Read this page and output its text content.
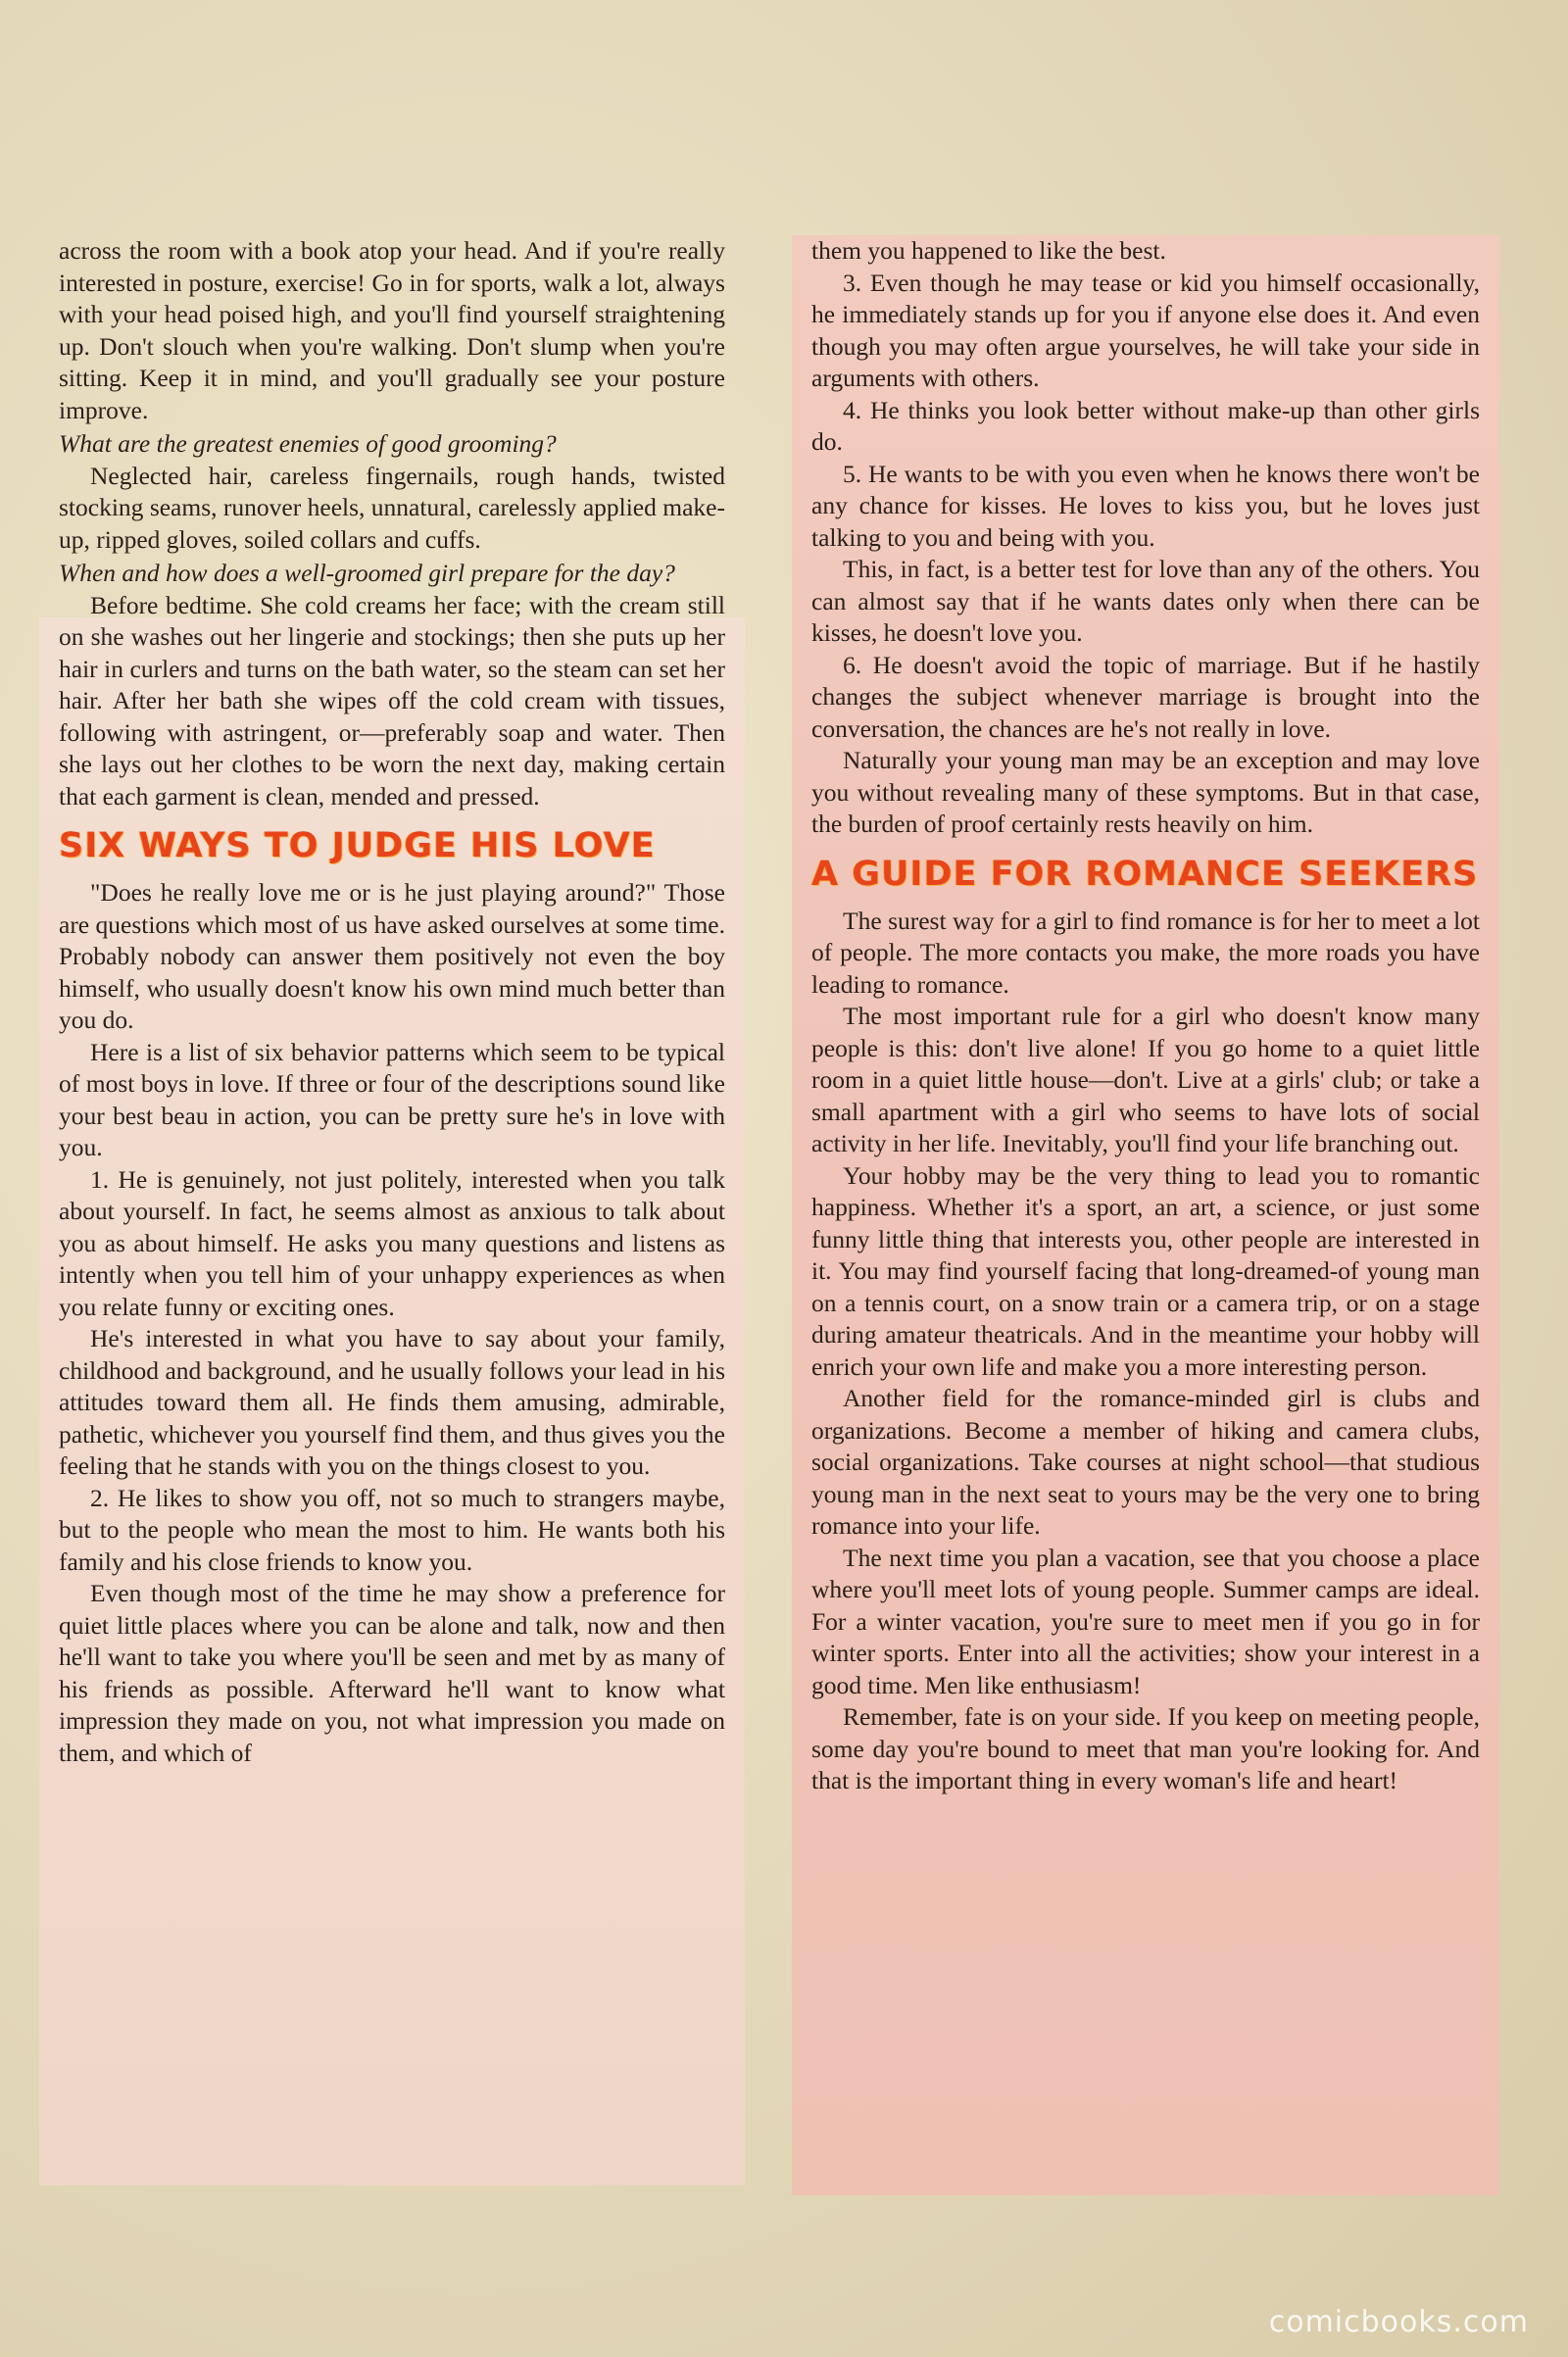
across the room with a book atop your head. And if you're really interested in posture, exercise! Go in for sports, walk a lot, always with your head poised high, and you'll find yourself straightening up. Don't slouch when you're walking. Don't slump when you're sitting. Keep it in mind, and you'll gradually see your posture improve.

What are the greatest enemies of good grooming?

Neglected hair, careless fingernails, rough hands, twisted stocking seams, runover heels, unnatural, carelessly applied make-up, ripped gloves, soiled collars and cuffs.

When and how does a well-groomed girl prepare for the day?

Before bedtime. She cold creams her face; with the cream still on she washes out her lingerie and stockings; then she puts up her hair in curlers and turns on the bath water, so the steam can set her hair. After her bath she wipes off the cold cream with tissues, following with astringent, or—preferably soap and water. Then she lays out her clothes to be worn the next day, making certain that each garment is clean, mended and pressed.

SIX WAYS TO JUDGE HIS LOVE

"Does he really love me or is he just playing around?" Those are questions which most of us have asked ourselves at some time. Probably nobody can answer them positively not even the boy himself, who usually doesn't know his own mind much better than you do.

Here is a list of six behavior patterns which seem to be typical of most boys in love. If three or four of the descriptions sound like your best beau in action, you can be pretty sure he's in love with you.

1. He is genuinely, not just politely, interested when you talk about yourself. In fact, he seems almost as anxious to talk about you as about himself. He asks you many questions and listens as intently when you tell him of your unhappy experiences as when you relate funny or exciting ones.

He's interested in what you have to say about your family, childhood and background, and he usually follows your lead in his attitudes toward them all. He finds them amusing, admirable, pathetic, whichever you yourself find them, and thus gives you the feeling that he stands with you on the things closest to you.

2. He likes to show you off, not so much to strangers maybe, but to the people who mean the most to him. He wants both his family and his close friends to know you.

Even though most of the time he may show a preference for quiet little places where you can be alone and talk, now and then he'll want to take you where you'll be seen and met by as many of his friends as possible. Afterward he'll want to know what impression they made on you, not what impression you made on them, and which of

them you happened to like the best.

3. Even though he may tease or kid you himself occasionally, he immediately stands up for you if anyone else does it. And even though you may often argue yourselves, he will take your side in arguments with others.

4. He thinks you look better without make-up than other girls do.

5. He wants to be with you even when he knows there won't be any chance for kisses. He loves to kiss you, but he loves just talking to you and being with you.

This, in fact, is a better test for love than any of the others. You can almost say that if he wants dates only when there can be kisses, he doesn't love you.

6. He doesn't avoid the topic of marriage. But if he hastily changes the subject whenever marriage is brought into the conversation, the chances are he's not really in love.

Naturally your young man may be an exception and may love you without revealing many of these symptoms. But in that case, the burden of proof certainly rests heavily on him.

A GUIDE FOR ROMANCE SEEKERS

The surest way for a girl to find romance is for her to meet a lot of people. The more contacts you make, the more roads you have leading to romance.

The most important rule for a girl who doesn't know many people is this: don't live alone! If you go home to a quiet little room in a quiet little house—don't. Live at a girls' club; or take a small apartment with a girl who seems to have lots of social activity in her life. Inevitably, you'll find your life branching out.

Your hobby may be the very thing to lead you to romantic happiness. Whether it's a sport, an art, a science, or just some funny little thing that interests you, other people are interested in it. You may find yourself facing that long-dreamed-of young man on a tennis court, on a snow train or a camera trip, or on a stage during amateur theatricals. And in the meantime your hobby will enrich your own life and make you a more interesting person.

Another field for the romance-minded girl is clubs and organizations. Become a member of hiking and camera clubs, social organizations. Take courses at night school—that studious young man in the next seat to yours may be the very one to bring romance into your life.

The next time you plan a vacation, see that you choose a place where you'll meet lots of young people. Summer camps are ideal. For a winter vacation, you're sure to meet men if you go in for winter sports. Enter into all the activities; show your interest in a good time. Men like enthusiasm!

Remember, fate is on your side. If you keep on meeting people, some day you're bound to meet that man you're looking for. And that is the important thing in every woman's life and heart!

comicbooks.com
